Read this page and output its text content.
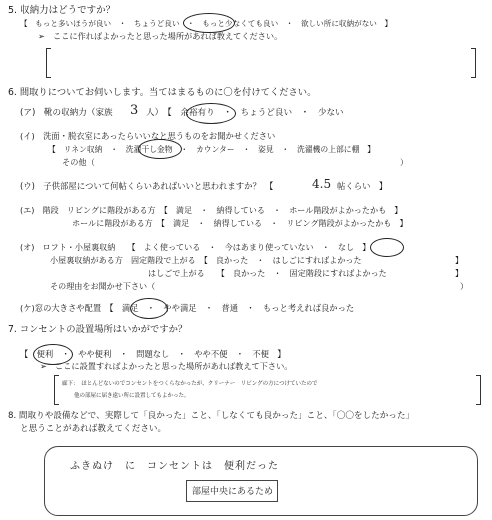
5. 収納力はどうですか？
【　もっと多いほうが良い　・　ちょうど良い　・　もっと少なくても良い　・　欲しい所に収納がない　】
➢　ここに作ればよかったと思った場所があれば教えてください。
6. 間取りについてお伺いします。当てはまるものに〇を付けてください。
(ア)　靴の収納力（家族 3 人）　【　余裕有り　・　ちょうど良い　・　少ない
(イ)　洗面・脱衣室にあったらいいなと思うものをお聞かせください
【　リネン収納　・　洗濯干し金物　・　カウンター　・　姿見　・　洗濯機の上部に棚　】
その他（	）
(ウ)　子供部屋について何帖くらいあればいいと思われますか？　【	4.5 帖くらい　】
(エ)　階段　リビングに階段がある方　【　満足　・　納得している　・　ホール階段がよかったかも　】
ホールに階段がある方　【　満足　・　納得している　・　リビング階段がよかったかも　】
(オ)　ロフト・小屋裏収納　　【　よく使っている　・　今はあまり使っていない　・　なし　】
小屋裏収納がある方　固定階段で上がる　【　良かった　・　はしごにすればよかった
はしごで上がる　　【　良かった　・　固定階段にすればよかった
】
】
その理由をお聞かせ下さい（	）
(ケ)窓の大きさや配置　【　満足　・　やや満足　・　普通　・　もっと考えれば良かった
7. コンセントの設置場所はいかがですか？
【　便利　・　やや便利　・　問題なし　・　やや不便　・　不便　】
➢　ここに設置すればよかったと思った場所があれば教えて下さい。
廊下：　ほとんどないのでコンセントをつくらなかったが、クリーナー　リビングの方につけていたので
他の部屋に届き遠い所に設置してもよかった。
8. 間取りや設備などで、実際して「良かった」こと、「しなくても良かった」こと、「〇〇をしたかった」
と思うことがあれば教えてください。
ふきぬけ　に　コンセントは　便利だった
部屋中央にあるため
